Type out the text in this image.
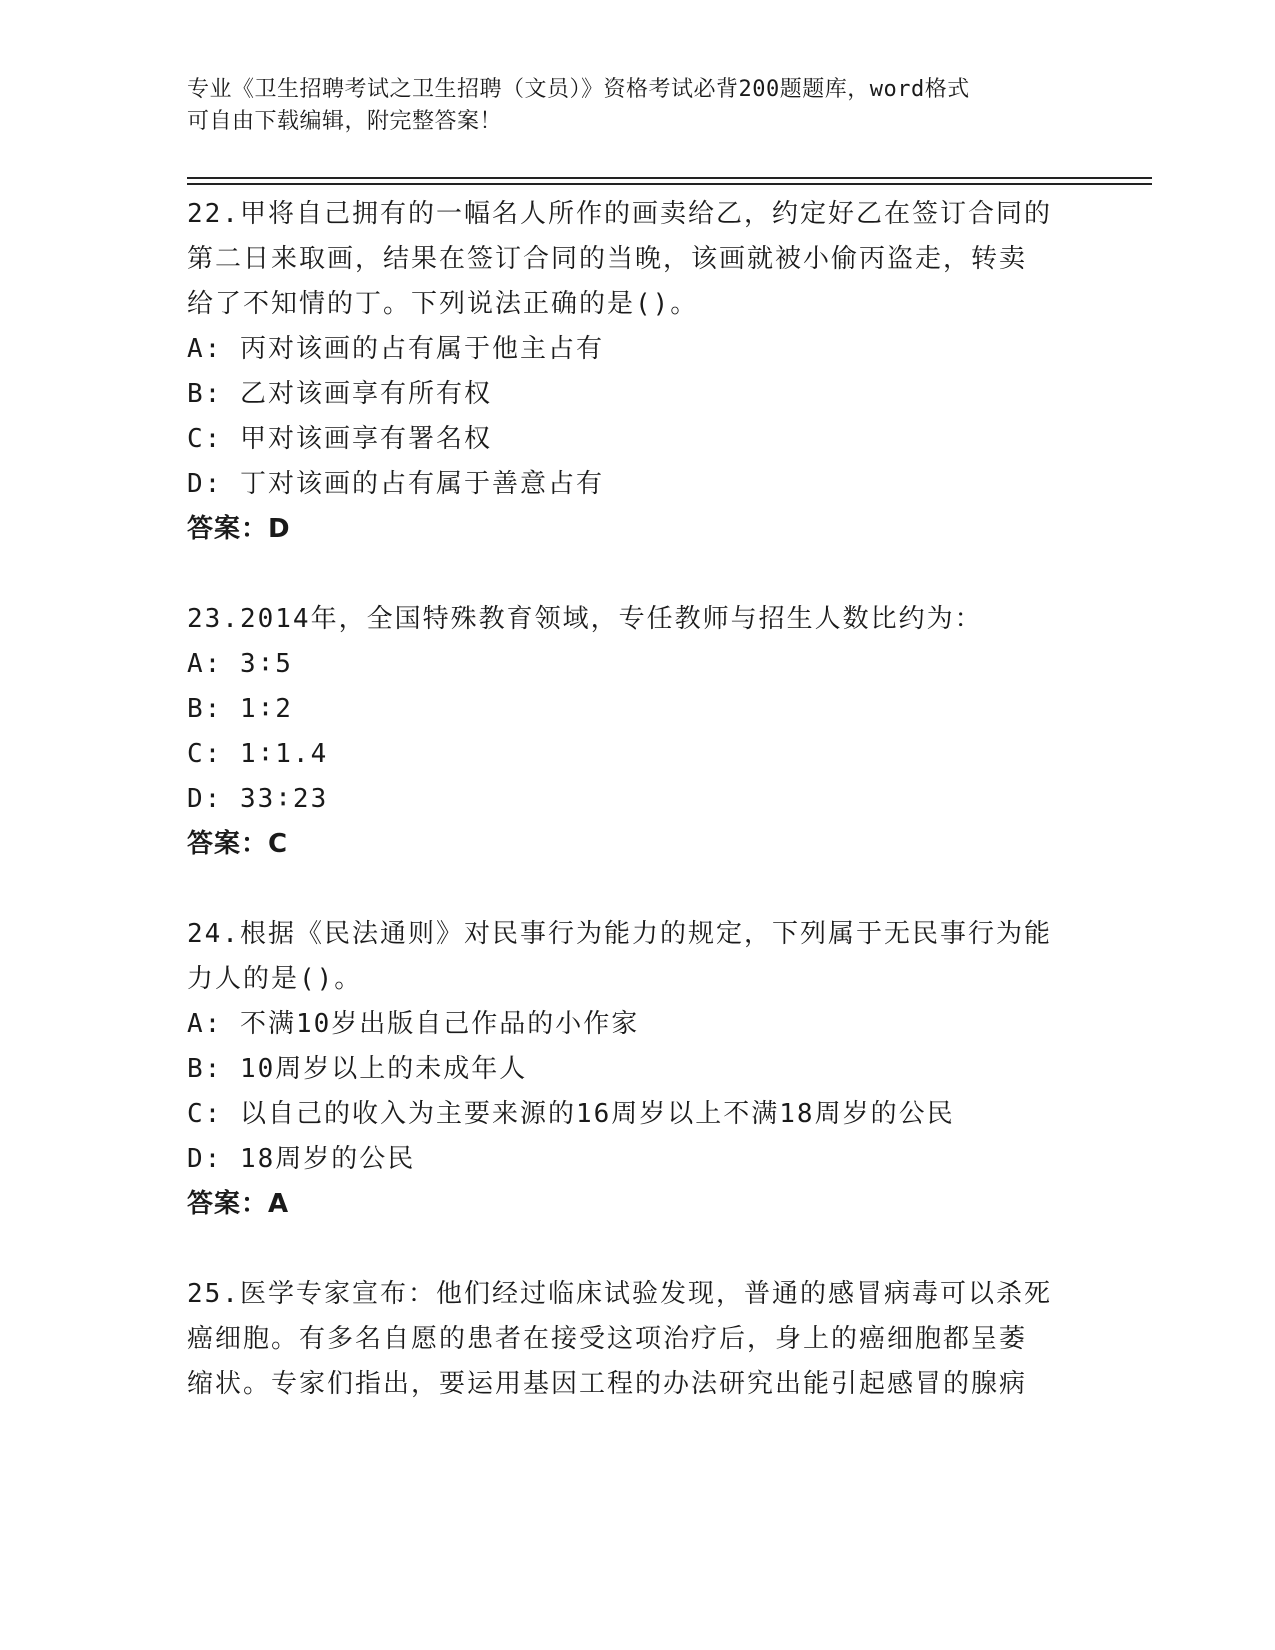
专业《卫生招聘考试之卫生招聘（文员）》资格考试必背200题题库，word格式
可自由下载编辑，附完整答案！
22.甲将自己拥有的一幅名人所作的画卖给乙，约定好乙在签订合同的
第二日来取画，结果在签订合同的当晚，该画就被小偷丙盗走，转卖
给了不知情的丁。下列说法正确的是()。
A: 丙对该画的占有属于他主占有
B: 乙对该画享有所有权
C: 甲对该画享有署名权
D: 丁对该画的占有属于善意占有
答案：D
23.2014年，全国特殊教育领域，专任教师与招生人数比约为：
A: 3∶5
B: 1∶2
C: 1∶1.4
D: 33∶23
答案：C
24.根据《民法通则》对民事行为能力的规定，下列属于无民事行为能
力人的是()。
A: 不满10岁出版自己作品的小作家
B: 10周岁以上的未成年人
C: 以自己的收入为主要来源的16周岁以上不满18周岁的公民
D: 18周岁的公民
答案：A
25.医学专家宣布：他们经过临床试验发现，普通的感冒病毒可以杀死
癌细胞。有多名自愿的患者在接受这项治疗后，身上的癌细胞都呈萎
缩状。专家们指出，要运用基因工程的办法研究出能引起感冒的腺病
